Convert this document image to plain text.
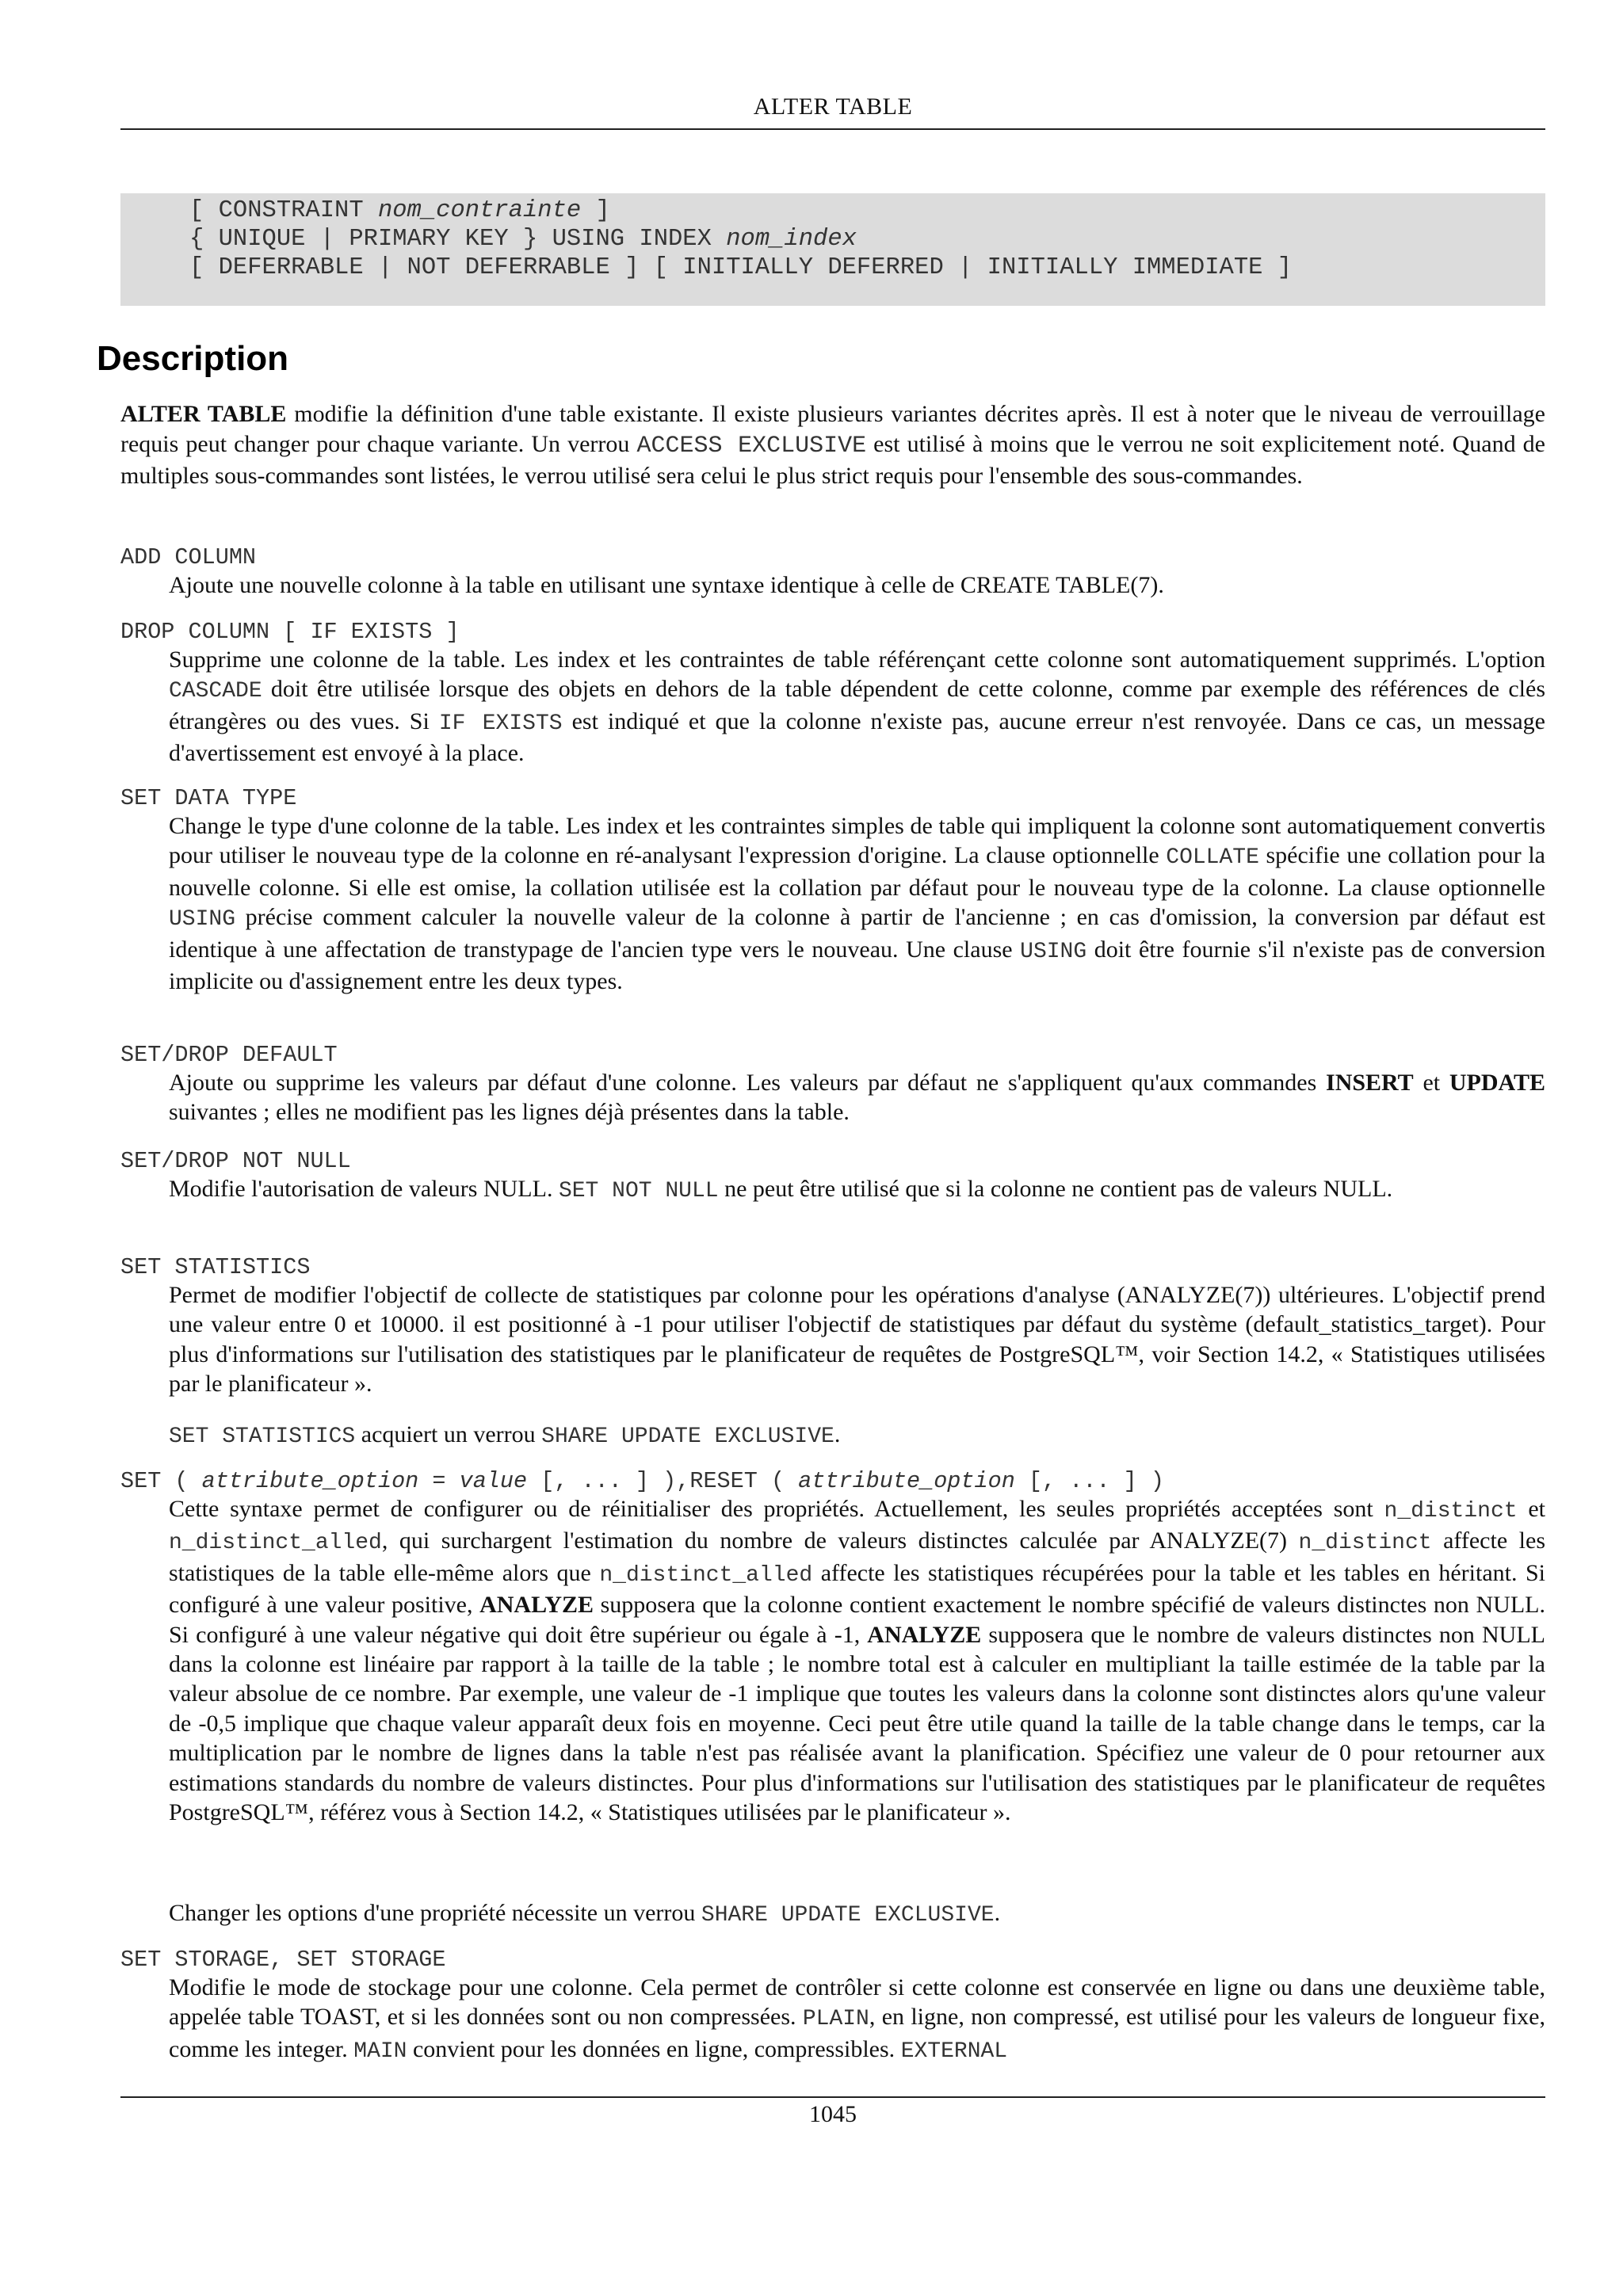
ALTER TABLE
[ CONSTRAINT nom_contrainte ]
{ UNIQUE | PRIMARY KEY } USING INDEX nom_index
[ DEFERRABLE | NOT DEFERRABLE ] [ INITIALLY DEFERRED | INITIALLY IMMEDIATE ]
Description
ALTER TABLE modifie la définition d'une table existante. Il existe plusieurs variantes décrites après. Il est à noter que le niveau de verrouillage requis peut changer pour chaque variante. Un verrou ACCESS EXCLUSIVE est utilisé à moins que le verrou ne soit explicitement noté. Quand de multiples sous-commandes sont listées, le verrou utilisé sera celui le plus strict requis pour l'ensemble des sous-commandes.
ADD COLUMN
Ajoute une nouvelle colonne à la table en utilisant une syntaxe identique à celle de CREATE TABLE(7).
DROP COLUMN [ IF EXISTS ]
Supprime une colonne de la table. Les index et les contraintes de table référençant cette colonne sont automatiquement supprimés. L'option CASCADE doit être utilisée lorsque des objets en dehors de la table dépendent de cette colonne, comme par exemple des références de clés étrangères ou des vues. Si IF EXISTS est indiqué et que la colonne n'existe pas, aucune erreur n'est renvoyée. Dans ce cas, un message d'avertissement est envoyé à la place.
SET DATA TYPE
Change le type d'une colonne de la table. Les index et les contraintes simples de table qui impliquent la colonne sont automatiquement convertis pour utiliser le nouveau type de la colonne en ré-analysant l'expression d'origine. La clause optionnelle COLLATE spécifie une collation pour la nouvelle colonne. Si elle est omise, la collation utilisée est la collation par défaut pour le nouveau type de la colonne. La clause optionnelle USING précise comment calculer la nouvelle valeur de la colonne à partir de l'ancienne ; en cas d'omission, la conversion par défaut est identique à une affectation de transtypage de l'ancien type vers le nouveau. Une clause USING doit être fournie s'il n'existe pas de conversion implicite ou d'assignement entre les deux types.
SET/DROP DEFAULT
Ajoute ou supprime les valeurs par défaut d'une colonne. Les valeurs par défaut ne s'appliquent qu'aux commandes INSERT et UPDATE suivantes ; elles ne modifient pas les lignes déjà présentes dans la table.
SET/DROP NOT NULL
Modifie l'autorisation de valeurs NULL. SET NOT NULL ne peut être utilisé que si la colonne ne contient pas de valeurs NULL.
SET STATISTICS
Permet de modifier l'objectif de collecte de statistiques par colonne pour les opérations d'analyse (ANALYZE(7)) ultérieures. L'objectif prend une valeur entre 0 et 10000. il est positionné à -1 pour utiliser l'objectif de statistiques par défaut du système (default_statistics_target). Pour plus d'informations sur l'utilisation des statistiques par le planificateur de requêtes de PostgreSQL™, voir Section 14.2, « Statistiques utilisées par le planificateur ».
SET STATISTICS acquiert un verrou SHARE UPDATE EXCLUSIVE.
SET ( attribute_option = value [, ... ] ),RESET ( attribute_option [, ... ] )
Cette syntaxe permet de configurer ou de réinitialiser des propriétés. Actuellement, les seules propriétés acceptées sont n_distinct et n_distinct_alled, qui surchargent l'estimation du nombre de valeurs distinctes calculée par ANALYZE(7) n_distinct affecte les statistiques de la table elle-même alors que n_distinct_alled affecte les statistiques récupérées pour la table et les tables en héritant. Si configuré à une valeur positive, ANALYZE supposera que la colonne contient exactement le nombre spécifié de valeurs distinctes non NULL. Si configuré à une valeur négative qui doit être supérieur ou égale à -1, ANALYZE supposera que le nombre de valeurs distinctes non NULL dans la colonne est linéaire par rapport à la taille de la table ; le nombre total est à calculer en multipliant la taille estimée de la table par la valeur absolue de ce nombre. Par exemple, une valeur de -1 implique que toutes les valeurs dans la colonne sont distinctes alors qu'une valeur de -0,5 implique que chaque valeur apparaît deux fois en moyenne. Ceci peut être utile quand la taille de la table change dans le temps, car la multiplication par le nombre de lignes dans la table n'est pas réalisée avant la planification. Spécifiez une valeur de 0 pour retourner aux estimations standards du nombre de valeurs distinctes. Pour plus d'informations sur l'utilisation des statistiques par le planificateur de requêtes PostgreSQL™, référez vous à Section 14.2, « Statistiques utilisées par le planificateur ».
Changer les options d'une propriété nécessite un verrou SHARE UPDATE EXCLUSIVE.
SET STORAGE, SET STORAGE
Modifie le mode de stockage pour une colonne. Cela permet de contrôler si cette colonne est conservée en ligne ou dans une deuxième table, appelée table TOAST, et si les données sont ou non compressées. PLAIN, en ligne, non compressé, est utilisé pour les valeurs de longueur fixe, comme les integer. MAIN convient pour les données en ligne, compressibles. EXTERNAL
1045
